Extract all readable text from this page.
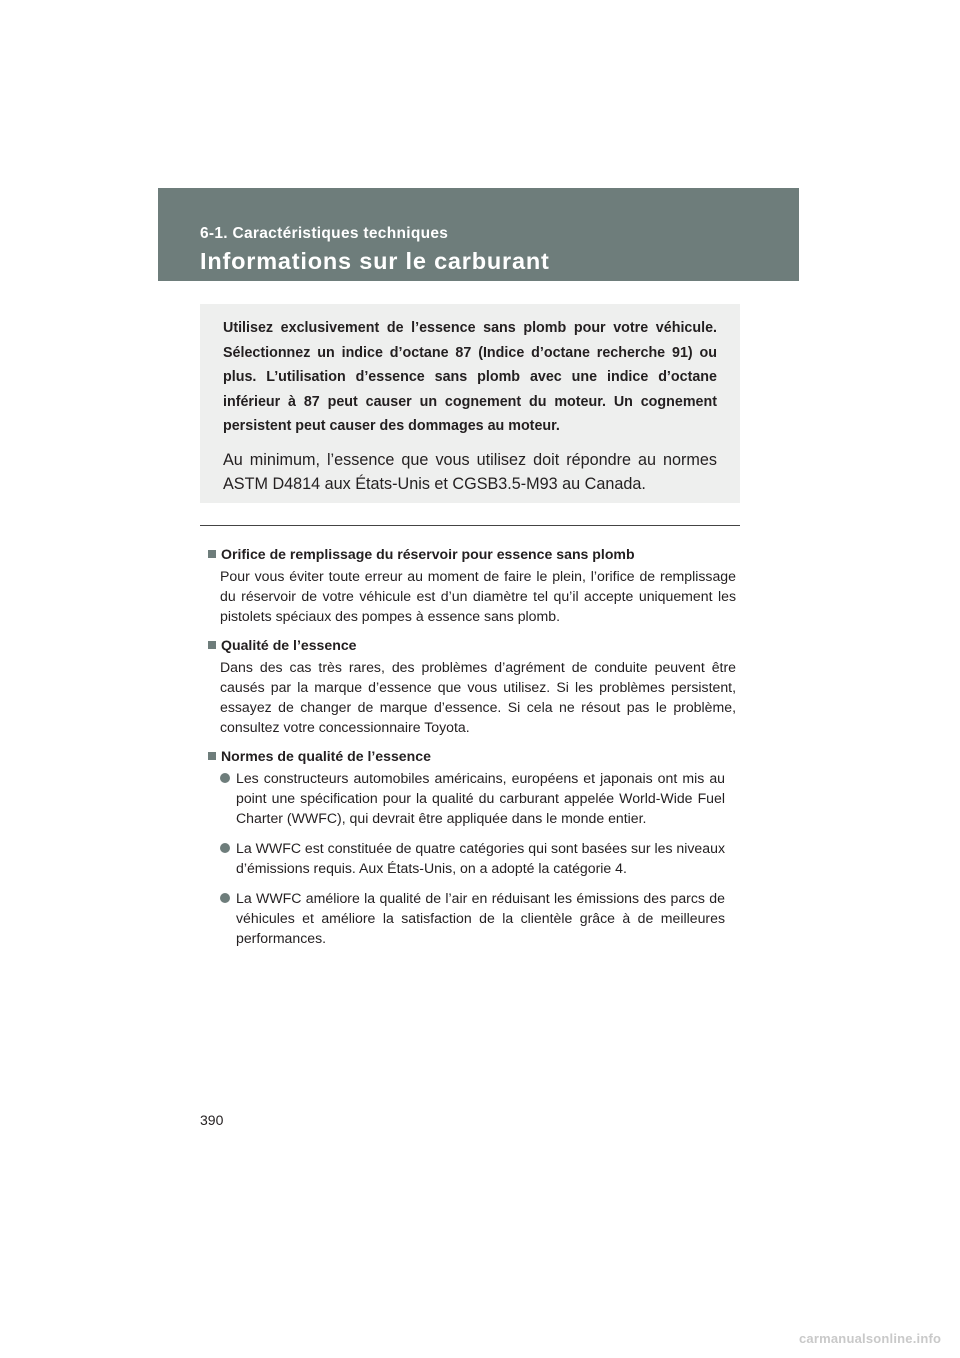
6-1. Caractéristiques techniques
Informations sur le carburant

Utilisez exclusivement de l’essence sans plomb pour votre véhicule. Sélectionnez un indice d’octane 87 (Indice d’octane recherche 91) ou plus. L’utilisation d’essence sans plomb avec une indice d’octane inférieur à 87 peut causer un cognement du moteur. Un cognement persistent peut causer des dommages au moteur.

Au minimum, l’essence que vous utilisez doit répondre au normes ASTM D4814 aux États-Unis et CGSB3.5-M93 au Canada.

Orifice de remplissage du réservoir pour essence sans plomb
Pour vous éviter toute erreur au moment de faire le plein, l’orifice de remplissage du réservoir de votre véhicule est d’un diamètre tel qu’il accepte uniquement les pistolets spéciaux des pompes à essence sans plomb.
Qualité de l’essence
Dans des cas très rares, des problèmes d’agrément de conduite peuvent être causés par la marque d’essence que vous utilisez. Si les problèmes persistent, essayez de changer de marque d’essence. Si cela ne résout pas le problème, consultez votre concessionnaire Toyota.
Normes de qualité de l’essence
Les constructeurs automobiles américains, européens et japonais ont mis au point une spécification pour la qualité du carburant appelée World-Wide Fuel Charter (WWFC), qui devrait être appliquée dans le monde entier.
La WWFC est constituée de quatre catégories qui sont basées sur les niveaux d’émissions requis. Aux États-Unis, on a adopté la catégorie 4.
La WWFC améliore la qualité de l’air en réduisant les émissions des parcs de véhicules et améliore la satisfaction de la clientèle grâce à de meilleures performances.
390
carmanualsonline.info
